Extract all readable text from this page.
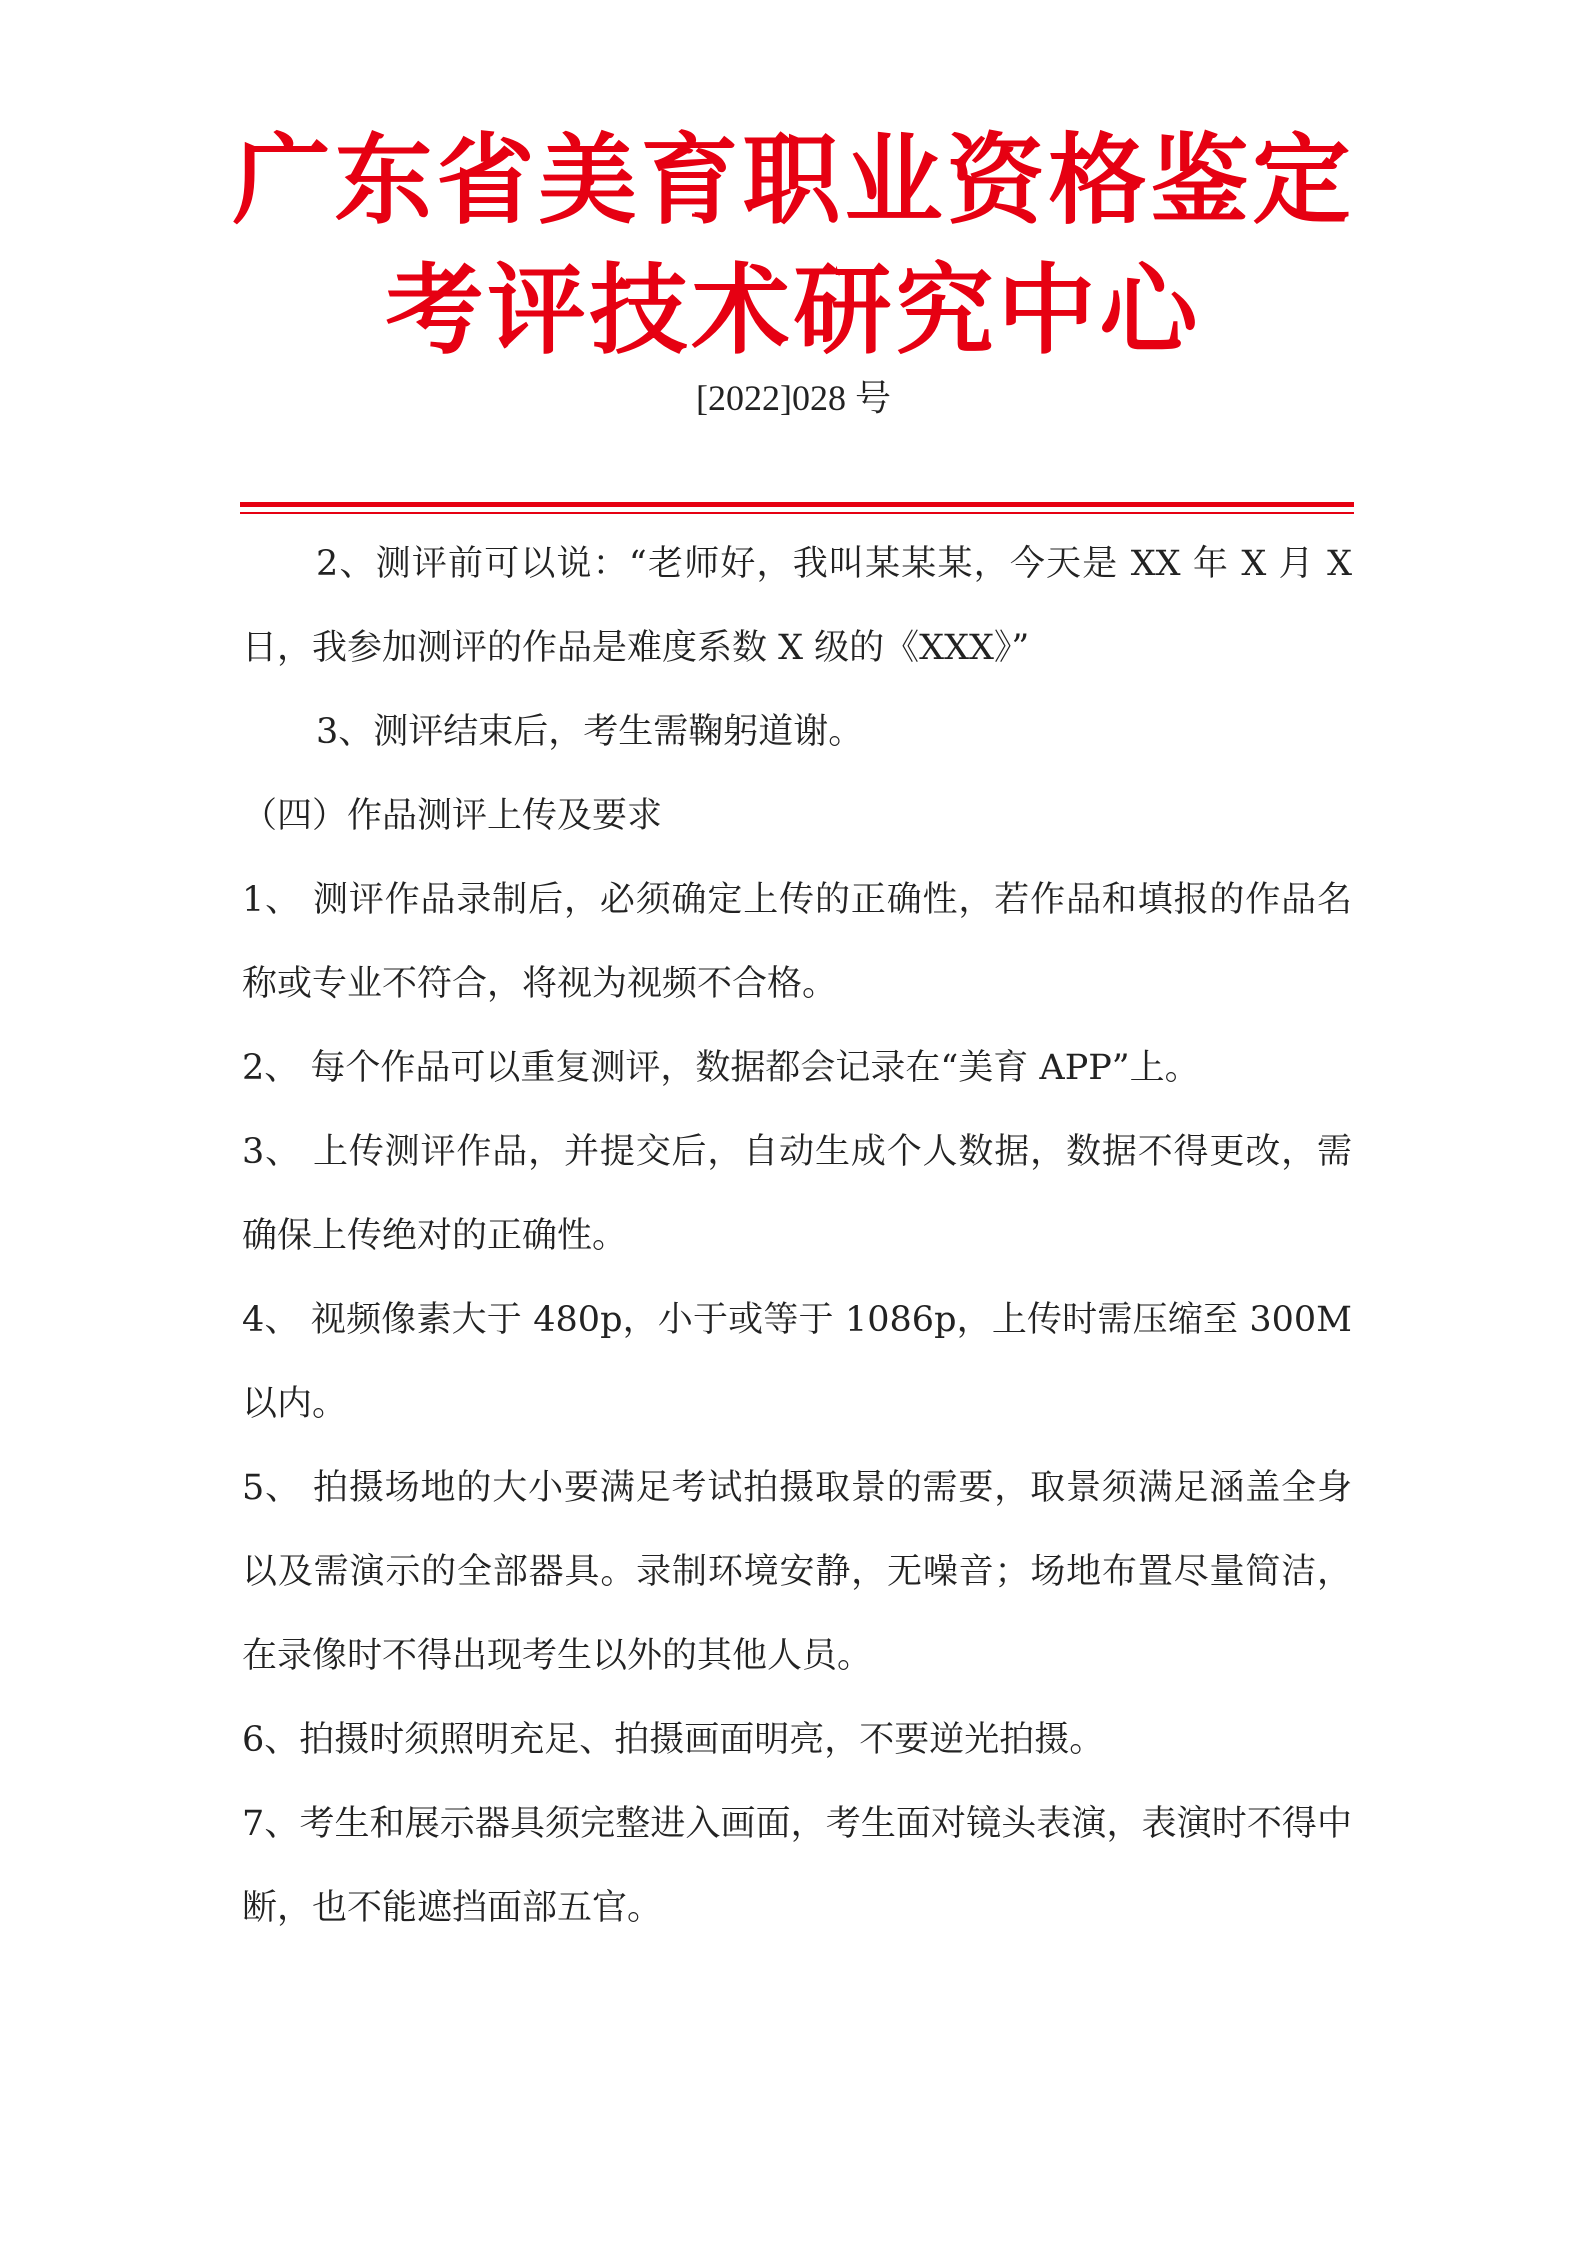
广东省美育职业资格鉴定
考评技术研究中心
[2022]028 号

2、测评前可以说：“老师好，我叫某某某，今天是 XX 年 X 月 X 日，我参加测评的作品是难度系数 X 级的《XXX》”

3、测评结束后，考生需鞠躬道谢。

（四）作品测评上传及要求

1、 测评作品录制后，必须确定上传的正确性，若作品和填报的作品名称或专业不符合，将视为视频不合格。

2、 每个作品可以重复测评，数据都会记录在“美育 APP”上。

3、 上传测评作品，并提交后，自动生成个人数据，数据不得更改，需确保上传绝对的正确性。

4、 视频像素大于 480p，小于或等于 1086p，上传时需压缩至 300M 以内。

5、 拍摄场地的大小要满足考试拍摄取景的需要，取景须满足涵盖全身以及需演示的全部器具。录制环境安静，无噪音；场地布置尽量简洁，在录像时不得出现考生以外的其他人员。

6、拍摄时须照明充足、拍摄画面明亮，不要逆光拍摄。

7、考生和展示器具须完整进入画面，考生面对镜头表演，表演时不得中断，也不能遮挡面部五官。
